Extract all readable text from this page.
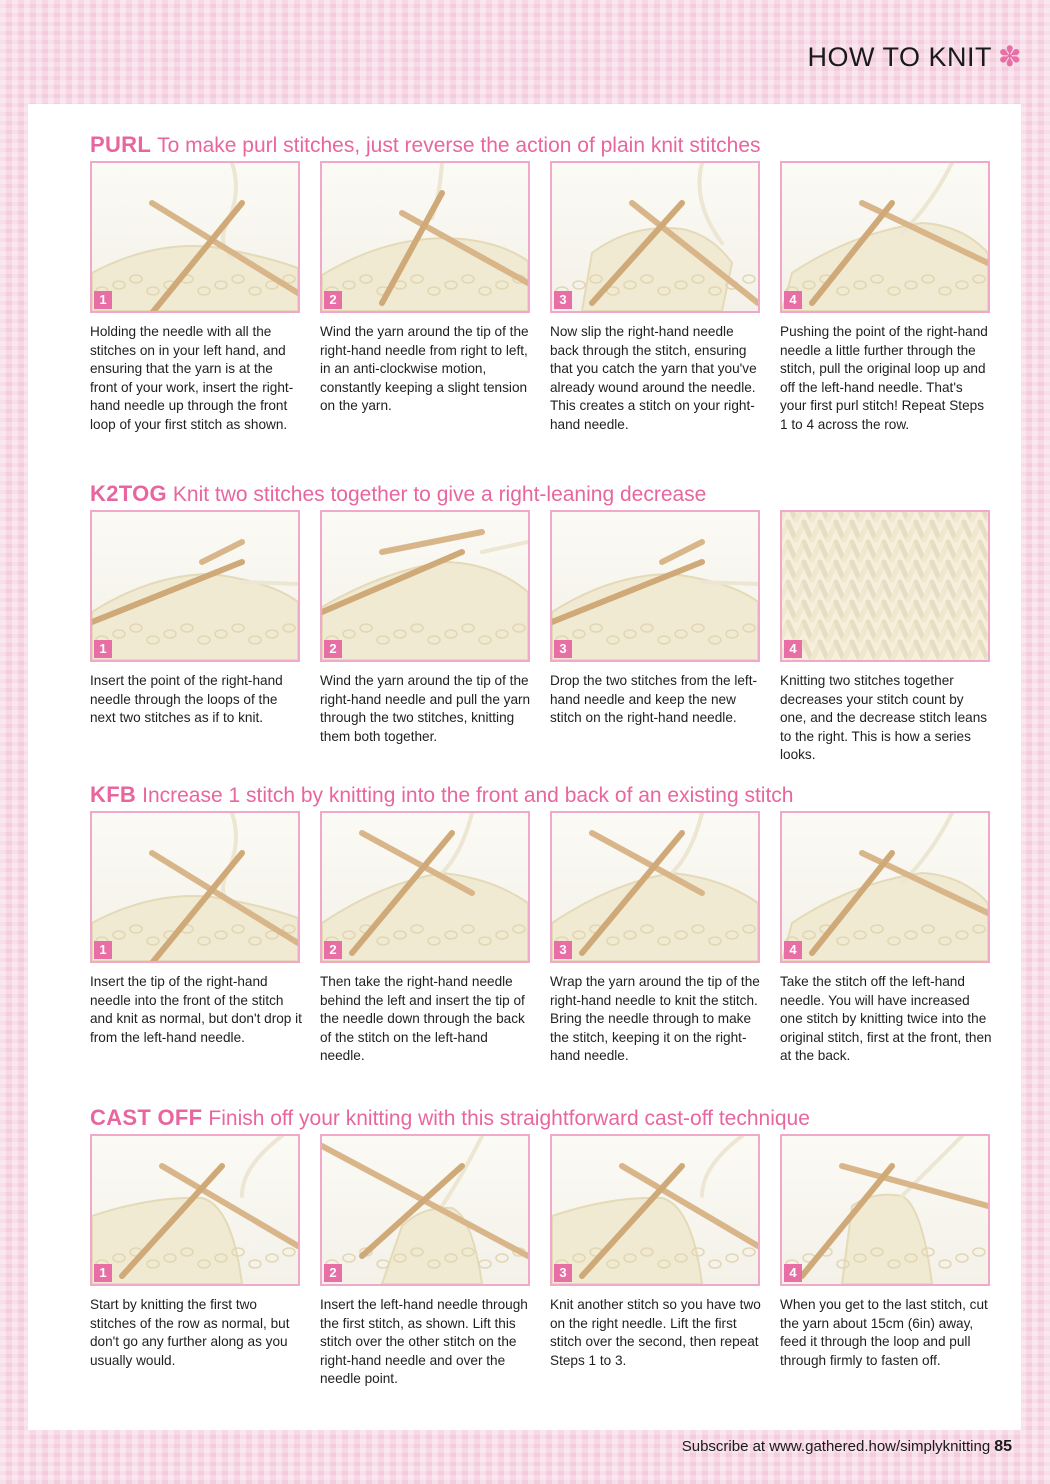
HOW TO KNIT ✽
PURL To make purl stitches, just reverse the action of plain knit stitches
1
Holding the needle with all the stitches on in your left hand, and ensuring that the yarn is at the front of your work, insert the right-hand needle up through the front loop of your first stitch as shown.
2
Wind the yarn around the tip of the right-hand needle from right to left, in an anti-clockwise motion, constantly keeping a slight tension on the yarn.
3
Now slip the right-hand needle back through the stitch, ensuring that you catch the yarn that you've already wound around the needle. This creates a stitch on your right-hand needle.
4
Pushing the point of the right-hand needle a little further through the stitch, pull the original loop up and off the left-hand needle. That's your first purl stitch! Repeat Steps 1 to 4 across the row.
K2TOG Knit two stitches together to give a right-leaning decrease
1
Insert the point of the right-hand needle through the loops of the next two stitches as if to knit.
2
Wind the yarn around the tip of the right-hand needle and pull the yarn through the two stitches, knitting them both together.
3
Drop the two stitches from the left-hand needle and keep the new stitch on the right-hand needle.
4
Knitting two stitches together decreases your stitch count by one, and the decrease stitch leans to the right. This is how a series looks.
KFB Increase 1 stitch by knitting into the front and back of an existing stitch
1
Insert the tip of the right-hand needle into the front of the stitch and knit as normal, but don't drop it from the left-hand needle.
2
Then take the right-hand needle behind the left and insert the tip of the needle down through the back of the stitch on the left-hand needle.
3
Wrap the yarn around the tip of the right-hand needle to knit the stitch. Bring the needle through to make the stitch, keeping it on the right-hand needle.
4
Take the stitch off the left-hand needle. You will have increased one stitch by knitting twice into the original stitch, first at the front, then at the back.
CAST OFF Finish off your knitting with this straightforward cast-off technique
1
Start by knitting the first two stitches of the row as normal, but don't go any further along as you usually would.
2
Insert the left-hand needle through the first stitch, as shown. Lift this stitch over the other stitch on the right-hand needle and over the needle point.
3
Knit another stitch so you have two on the right needle. Lift the first stitch over the second, then repeat Steps 1 to 3.
4
When you get to the last stitch, cut the yarn about 15cm (6in) away, feed it through the loop and pull through firmly to fasten off.
Subscribe at www.gathered.how/simplyknitting 85
